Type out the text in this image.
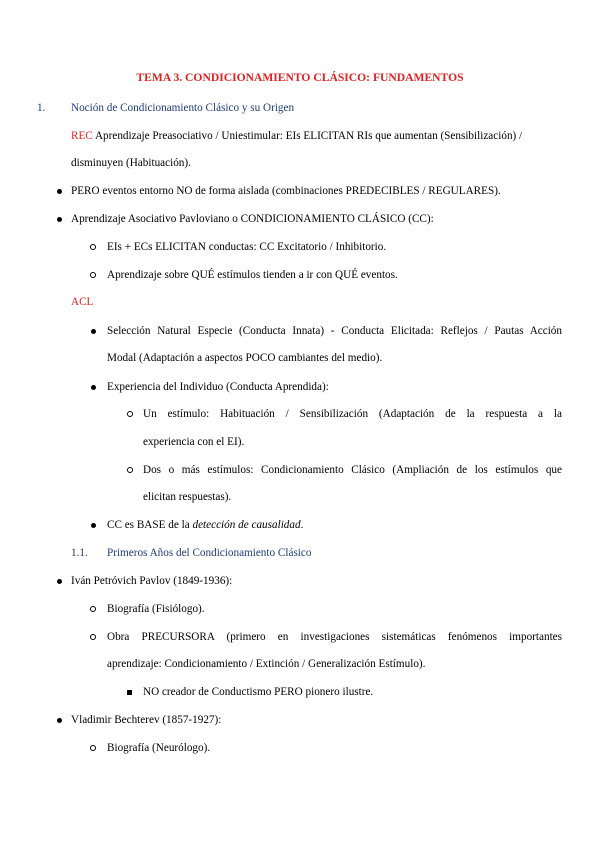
TEMA 3. CONDICIONAMIENTO CLÁSICO: FUNDAMENTOS
1. Noción de Condicionamiento Clásico y su Origen
REC Aprendizaje Preasociativo / Uniestimular: EIs ELICITAN RIs que aumentan (Sensibilización) /
disminuyen (Habituación).
PERO eventos entorno NO de forma aislada (combinaciones PREDECIBLES / REGULARES).
Aprendizaje Asociativo Pavloviano o CONDICIONAMIENTO CLÁSICO (CC):
EIs + ECs ELICITAN conductas: CC Excitatorio / Inhibitorio.
Aprendizaje sobre QUÉ estímulos tienden a ir con QUÉ eventos.
ACL
Selección Natural Especie (Conducta Innata) - Conducta Elicitada: Reflejos / Pautas Acción
Modal (Adaptación a aspectos POCO cambiantes del medio).
Experiencia del Individuo (Conducta Aprendida):
Un estímulo: Habituación / Sensibilización (Adaptación de la respuesta a la
experiencia con el EI).
Dos o más estímulos: Condicionamiento Clásico (Ampliación de los estímulos que
elicitan respuestas).
CC es BASE de la detección de causalidad.
1.1. Primeros Años del Condicionamiento Clásico
Iván Petróvich Pavlov (1849-1936):
Biografía (Fisiólogo).
Obra PRECURSORA (primero en investigaciones sistemáticas fenómenos importantes
aprendizaje: Condicionamiento / Extinción / Generalización Estímulo).
NO creador de Conductismo PERO pionero ilustre.
Vladimir Bechterev (1857-1927):
Biografía (Neurólogo).
